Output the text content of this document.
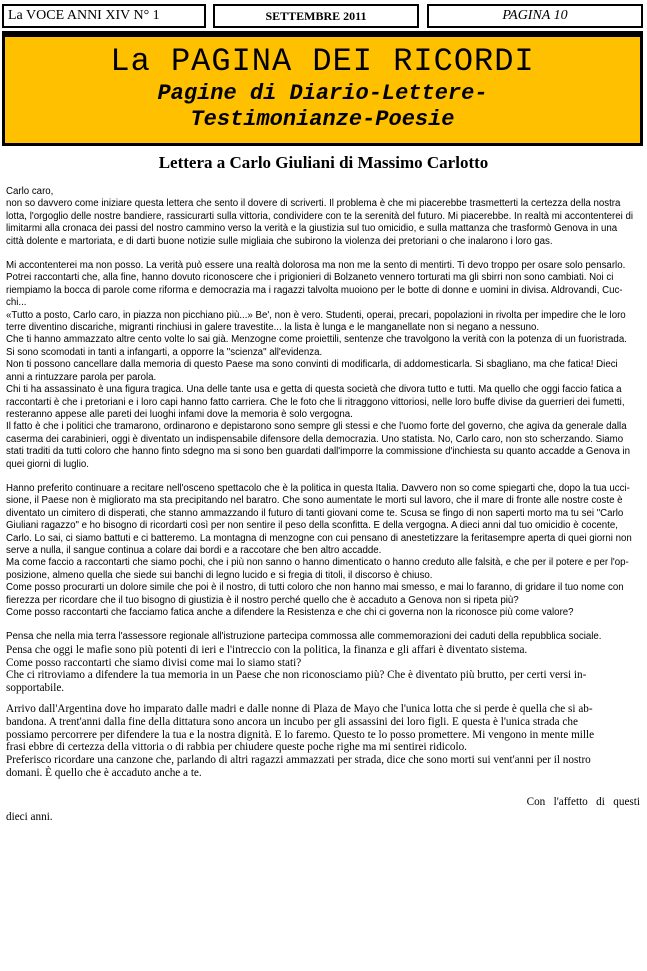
La VOCE ANNI XIV N° 1	SETTEMBRE 2011	PAGINA 10
La PAGINA DEI RICORDI
Pagine di Diario-Lettere-
Testimonianze-Poesie
Lettera a Carlo Giuliani di Massimo Carlotto
Carlo caro,
non so davvero come iniziare questa lettera che sento il dovere di scriverti. Il problema è che mi piacerebbe trasmetterti la certezza della nostra
lotta, l'orgoglio delle nostre bandiere, rassicurarti sulla vittoria, condividere con te la serenità del futuro. Mi piacerebbe. In realtà mi accontenterei di
limitarmi alla cronaca dei passi del nostro cammino verso la verità e la giustizia sul tuo omicidio, e sulla mattanza che trasformò Genova in una
città dolente e martoriata, e di darti buone notizie sulle migliaia che subirono la violenza dei pretoriani o che inalarono i loro gas.
Mi accontenterei ma non posso. La verità può essere una realtà dolorosa ma non me la sento di mentirti. Ti devo troppo per osare solo pensarlo.
Potrei raccontarti che, alla fine, hanno dovuto riconoscere che i prigionieri di Bolzaneto vennero torturati ma gli sbirri non sono cambiati. Noi ci
riempiamo la bocca di parole come riforma e democrazia ma i ragazzi talvolta muoiono per le botte di donne e uomini in divisa. Aldrovandi, Cuc-
chi...
«Tutto a posto, Carlo caro, in piazza non picchiano più...» Be', non è vero. Studenti, operai, precari, popolazioni in rivolta per impedire che le loro
terre diventino discariche, migranti rinchiusi in galere travestite... la lista è lunga e le manganellate non si negano a nessuno.
Che ti hanno ammazzato altre cento volte lo sai già. Menzogne come proiettili, sentenze che travolgono la verità con la potenza di un fuoristrada.
Si sono scomodati in tanti a infangarti, a opporre la "scienza" all'evidenza.
Non ti possono cancellare dalla memoria di questo Paese ma sono convinti di modificarla, di addomesticarla. Si sbagliano, ma che fatica! Dieci
anni a rintuzzare parola per parola.
Chi ti ha assassinato è una figura tragica. Una delle tante usa e getta di questa società che divora tutto e tutti. Ma quello che oggi faccio fatica a
raccontarti è che i pretoriani e i loro capi hanno fatto carriera. Che le foto che li ritraggono vittoriosi, nelle loro buffe divise da guerrieri dei fumetti,
resteranno appese alle pareti dei luoghi infami dove la memoria è solo vergogna.
Il fatto è che i politici che tramarono, ordinarono e depistarono sono sempre gli stessi e che l'uomo forte del governo, che agiva da generale dalla
caserma dei carabinieri, oggi è diventato un indispensabile difensore della democrazia. Uno statista. No, Carlo caro, non sto scherzando. Siamo
stati traditi da tutti coloro che hanno finto sdegno ma si sono ben guardati dall'imporre la commissione d'inchiesta su quanto accadde a Genova in
quei giorni di luglio.
Hanno preferito continuare a recitare nell'osceno spettacolo che è la politica in questa Italia. Davvero non so come spiegarti che, dopo la tua ucci-
sione, il Paese non è migliorato ma sta precipitando nel baratro. Che sono aumentate le morti sul lavoro, che il mare di fronte alle nostre coste è
diventato un cimitero di disperati, che stanno ammazzando il futuro di tanti giovani come te. Scusa se fingo di non saperti morto ma tu sei "Carlo
Giuliani ragazzo" e ho bisogno di ricordarti così per non sentire il peso della sconfitta. E della vergogna. A dieci anni dal tuo omicidio è cocente,
Carlo. Lo sai, ci siamo battuti e ci batteremo. La montagna di menzogne con cui pensano di anestetizzare la feritasempre aperta di quei giorni non
serve a nulla, il sangue continua a colare dai bordi e a raccotare che ben altro accadde.
Ma come faccio a raccontarti che siamo pochi, che i più non sanno o hanno dimenticato o hanno creduto alle falsità, e che per il potere e per l'op-
posizione, almeno quella che siede sui banchi di legno lucido e si fregia di titoli, il discorso è chiuso.
Come posso procurarti un dolore simile che poi è il nostro, di tutti coloro che non hanno mai smesso, e mai lo faranno, di gridare il tuo nome con
fierezza per ricordare che il tuo bisogno di giustizia è il nostro perché quello che è accaduto a Genova non si ripeta più?
Come posso raccontarti che facciamo fatica anche a difendere la Resistenza e che chi ci governa non la riconosce più come valore?
Pensa che nella mia terra l'assessore regionale all'istruzione partecipa commossa alle commemorazioni dei caduti della repubblica sociale.
Pensa che oggi le mafie sono più potenti di ieri e l'intreccio con la politica, la finanza e gli affari è diventato sistema.
Come posso raccontarti che siamo divisi come mai lo siamo stati?
Che ci ritroviamo a difendere la tua memoria in un Paese che non riconosciamo più? Che è diventato più brutto, per certi versi in-
sopportabile.
Arrivo dall'Argentina dove ho imparato dalle madri e dalle nonne di Plaza de Mayo che l'unica lotta che si perde è quella che si ab-
bandona. A trent'anni dalla fine della dittatura sono ancora un incubo per gli assassini dei loro figli. E questa è l'unica strada che
possiamo percorrere per difendere la tua e la nostra dignità. E lo faremo. Questo te lo posso promettere. Mi vengono in mente mille
frasi ebbre di certezza della vittoria o di rabbia per chiudere queste poche righe ma mi sentirei ridicolo.
Preferisco ricordare una canzone che, parlando di altri ragazzi ammazzati per strada, dice che sono morti sui vent'anni per il nostro
domani. È quello che è accaduto anche a te.
Con   l'affetto   di   questi
dieci anni.
